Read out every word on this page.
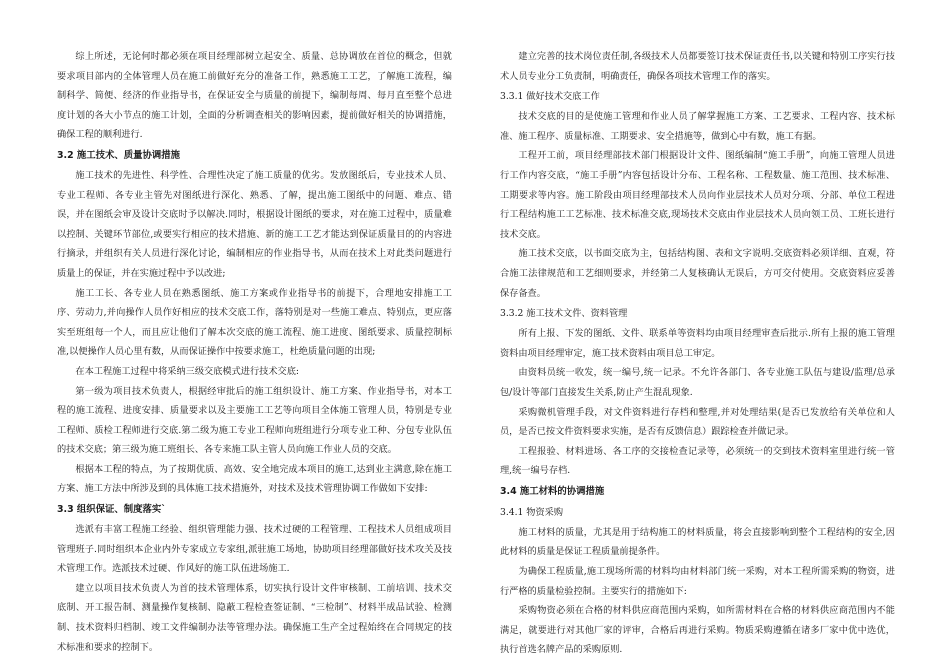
综上所述，无论何时都必须在项目经理部树立起安全、质量、总协调放在首位的概念，但就要求项目部内的全体管理人员在施工前做好充分的准备工作，熟悉施工工艺，了解施工流程，编制科学、简便、经济的作业指导书，在保证安全与质量的前提下，编制每周、每月直至整个总进度计划的各大小节点的施工计划，全面的分析调查相关的影响因素，提前做好相关的协调措施，确保工程的顺利进行.

3.2 施工技术、质量协调措施

施工技术的先进性、科学性、合理性决定了施工质量的优劣。发放图纸后，专业技术人员、专业工程师、各专业主管先对图纸进行深化、熟悉、了解，提出施工图纸中的问题、难点、错误，并在图纸会审及设计交底时予以解决.同时，根据设计图纸的要求，对在施工过程中，质量难以控制、关键环节部位,或要实行相应的技术措施、新的施工工艺才能达到保证质量目的的内容进行摘录，并组织有关人员进行深化讨论，编制相应的作业指导书，从而在技术上对此类问题进行质量上的保证，并在实施过程中予以改进;

施工工长、各专业人员在熟悉图纸、施工方案或作业指导书的前提下，合理地安排施工工序、劳动力,并向操作人员作好相应的技术交底工作，落特别是对一些施工难点、特别点，更应落实至班组每一个人，而且应让他们了解本次交底的施工流程、施工进度、图纸要求、质量控制标准,以便操作人员心里有数，从而保证操作中按要求施工，杜绝质量问题的出现;

在本工程施工过程中将采纳三级交底模式进行技术交底:

第一级为项目技术负责人，根据经审批后的施工组织设计、施工方案、作业指导书，对本工程的施工流程、进度安排、质量要求以及主要施工工艺等向项目全体施工管理人员，特别是专业工程师、质检工程师进行交底.第二级为施工专业工程师向班组进行分项专业工种、分包专业队伍的技术交底；第三级为施工班组长、各专来施工队主管人员向施工作业人员的交底。

根据本工程的特点，为了按期优质、高效、安全地完成本项目的施工,达到业主满意,除在施工方案、施工方法中所涉及到的具体施工技术措施外，对技术及技术管理协调工作做如下安排:

3.3 组织保证、制度落实`

选派有丰富工程施工经验、组织管理能力强、技术过硬的工程管理、工程技术人员组成项目管理班子.同时组织本企业内外专家成立专家组,派驻施工场地，协助项目经理部做好技术攻关及技术管理工作。选派技术过硬、作风好的施工队伍进场施工.

建立以项目技术负责人为首的技术管理体系，切实执行设计文件审核制、工前培训、技术交底制、开工报告制、测量操作复核制、隐蔽工程检查签证制、“三检制”、材料半成品试验、检测制、技术资料归档制、竣工文件编制办法等管理办法。确保施工生产全过程始终在合同规定的技术标准和要求的控制下。

建立完善的技术岗位责任制,各级技术人员都要签订技术保证责任书,以关键和特别工序实行技术人员专业分工负责制，明确责任，确保各项技术管理工作的落实。

3.3.1 做好技术交底工作

技术交底的目的是使施工管理和作业人员了解掌握施工方案、工艺要求、工程内容、技术标准、施工程序、质量标准、工期要求、安全措施等，做到心中有数，施工有据。

工程开工前，项目经理部技术部门根据设计文件、图纸编制“施工手册”，向施工管理人员进行工作内容交底，“施工手册”内容包括设计分布、工程名称、工程数量、施工范围、技术标准、工期要求等内容。施工阶段由项目经理部技术人员向作业层技术人员对分项、分部、单位工程进行工程结构施工工艺标准、技术标准交底,现场技术交底由作业层技术人员向领工员、工班长进行技术交底。

施工技术交底，以书面交底为主，包括结构图、表和文字说明.交底资料必须详细、直观，符合施工法律规范和工艺细则要求，并经第二人复核确认无误后，方可交付使用。交底资料应妥善保存备查。

3.3.2 施工技术文件、资料管理

所有上报、下发的图纸、文件、联系单等资料均由项目经理审查后批示.所有上报的施工管理资料由项目经理审定，施工技术资料由项目总工审定。

由资料员统一收发，统一编号,统一记录。不允许各部门、各专业施工队伍与建设/监理/总承包/设计等部门直接发生关系,防止产生混乱现象.

采购微机管理手段，对文件资料进行存档和整理,并对处理结果(是否已发放给有关单位和人员，是否已按文件资料要求实施，是否有反馈信息）跟踪检查并做记录。

工程报验、材料进场、各工序的交接检查记录等，必须统一的交到技术资料室里进行统一管理,统一编号存档.

3.4 施工材料的协调措施
3.4.1 物资采购

施工材料的质量，尤其是用于结构施工的材料质量，将会直接影响到整个工程结构的安全,因此材料的质量是保证工程质量前提条件。

为确保工程质量,施工现场所需的材料均由材料部门统一采购，对本工程所需采购的物资，进行严格的质量检验控制。主要实行的措施如下:

采购物资必须在合格的材料供应商范围内采购，如所需材料在合格的材料供应商范围内不能满足，就要进行对其他厂家的评审，合格后再进行采购。物质采购遵循在诸多厂家中优中选优，执行首选名牌产品的采购原则.
